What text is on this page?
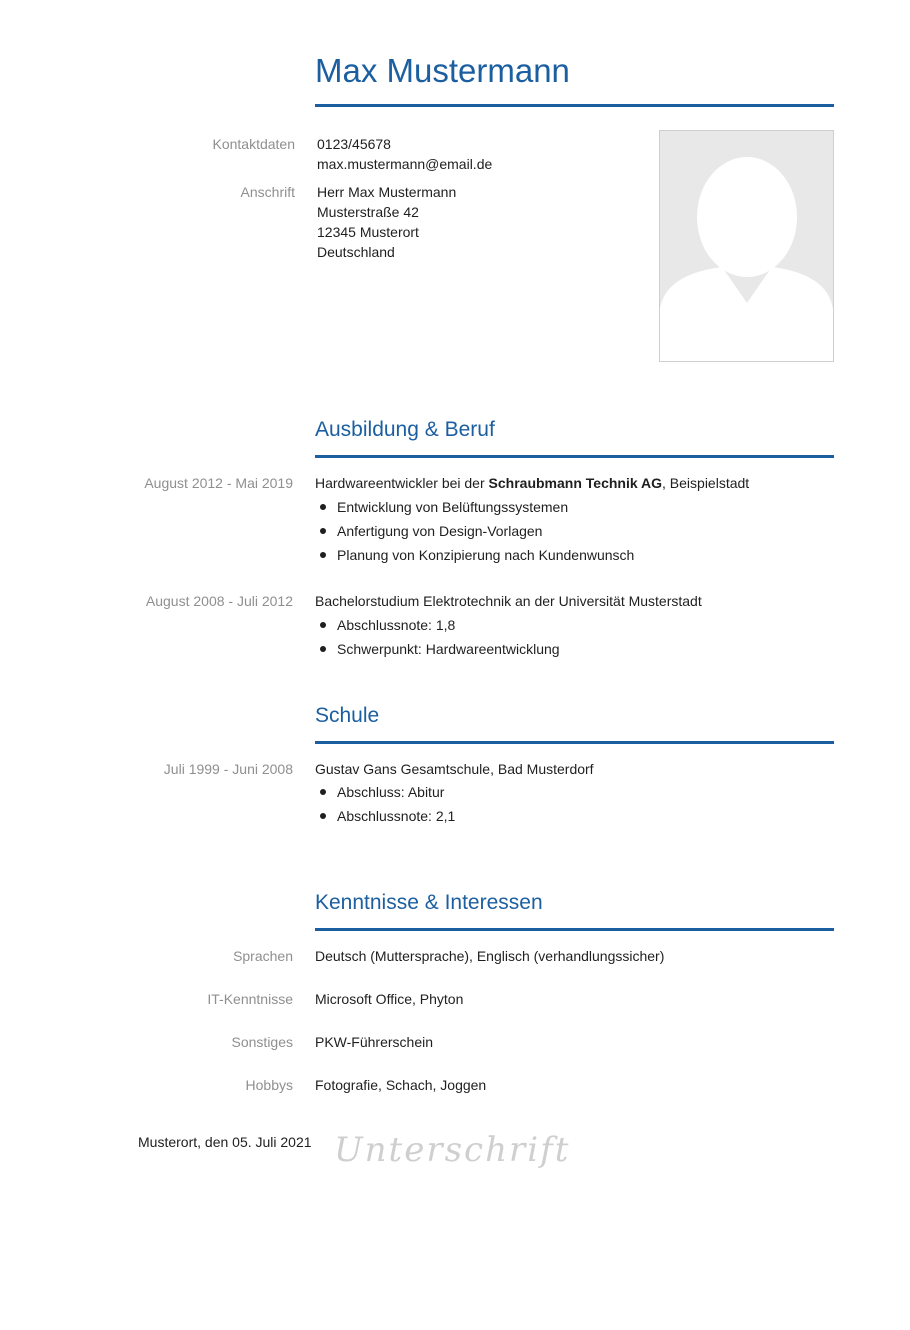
Max Mustermann
Kontaktdaten 0123/45678
max.mustermann@email.de
Anschrift Herr Max Mustermann
Musterstraße 42
12345 Musterort
Deutschland
Ausbildung & Beruf
August 2012 - Mai 2019 Hardwareentwickler bei der Schraubmann Technik AG, Beispielstadt
Entwicklung von Belüftungssystemen
Anfertigung von Design-Vorlagen
Planung von Konzipierung nach Kundenwunsch
August 2008 - Juli 2012 Bachelorstudium Elektrotechnik an der Universität Musterstadt
Abschlussnote: 1,8
Schwerpunkt: Hardwareentwicklung
Schule
Juli 1999 - Juni 2008 Gustav Gans Gesamtschule, Bad Musterdorf
Abschluss: Abitur
Abschlussnote: 2,1
Kenntnisse & Interessen
Sprachen Deutsch (Muttersprache), Englisch (verhandlungssicher)
IT-Kenntnisse Microsoft Office, Phyton
Sonstiges PKW-Führerschein
Hobbys Fotografie, Schach, Joggen
Musterort, den 05. Juli 2021 Unterschrift
